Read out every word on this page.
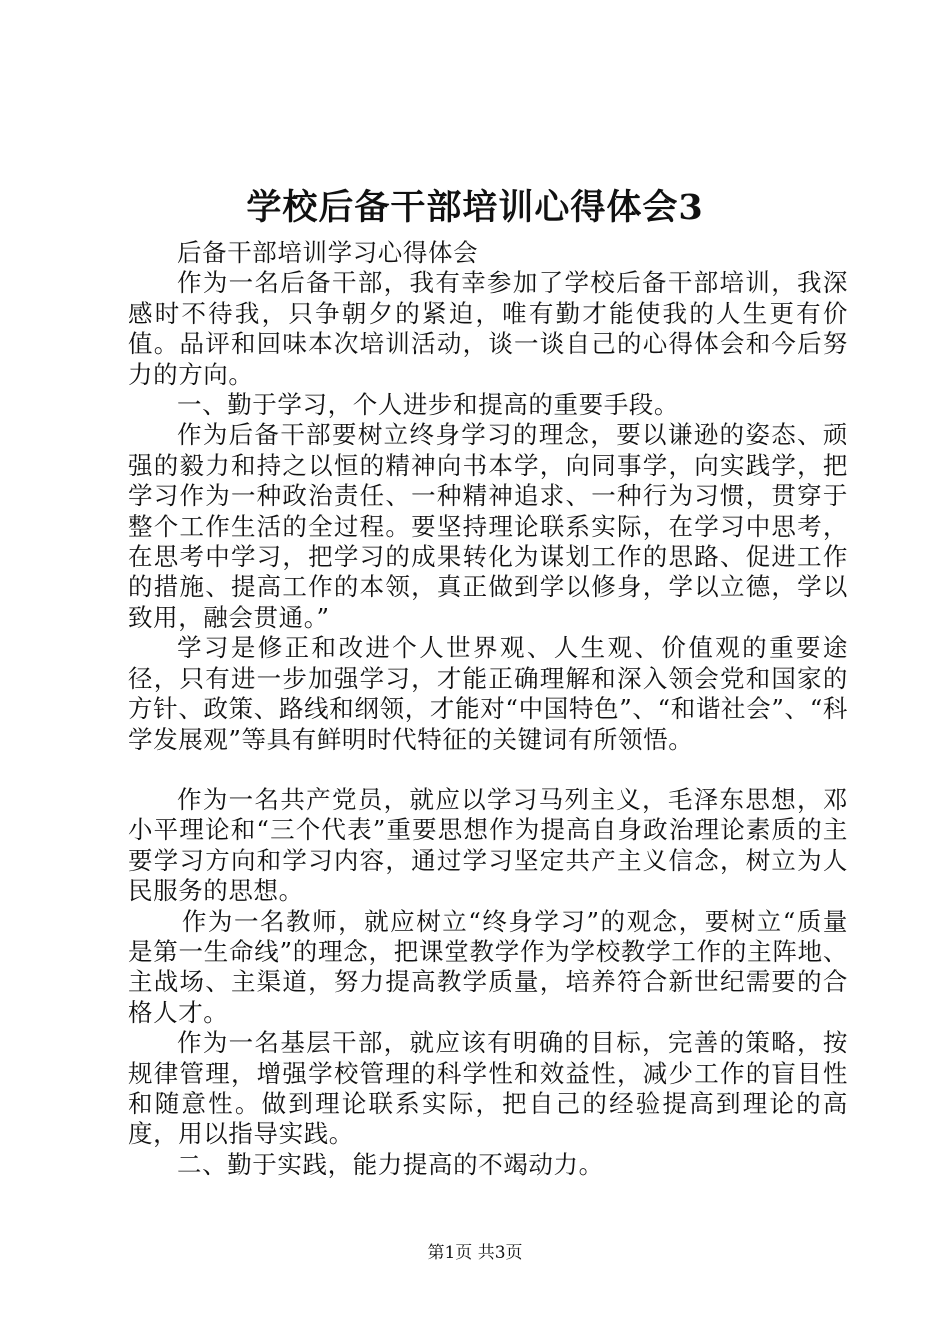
学校后备干部培训心得体会3

后备干部培训学习心得体会

作为一名后备干部，我有幸参加了学校后备干部培训，我深感时不待我，只争朝夕的紧迫，唯有勤才能使我的人生更有价值。品评和回味本次培训活动，谈一谈自己的心得体会和今后努力的方向。

一、勤于学习，个人进步和提高的重要手段。

作为后备干部要树立终身学习的理念，要以谦逊的姿态、顽强的毅力和持之以恒的精神向书本学，向同事学，向实践学，把学习作为一种政治责任、一种精神追求、一种行为习惯，贯穿于整个工作生活的全过程。要坚持理论联系实际，在学习中思考，在思考中学习，把学习的成果转化为谋划工作的思路、促进工作的措施、提高工作的本领，真正做到学以修身，学以立德，学以致用，融会贯通。”

学习是修正和改进个人世界观、人生观、价值观的重要途径，只有进一步加强学习，才能正确理解和深入领会党和国家的方针、政策、路线和纲领，才能对“中国特色”、“和谐社会”、“科学发展观”等具有鲜明时代特征的关键词有所领悟。

作为一名共产党员，就应以学习马列主义，毛泽东思想，邓小平理论和“三个代表”重要思想作为提高自身政治理论素质的主要学习方向和学习内容，通过学习坚定共产主义信念，树立为人民服务的思想。

作为一名教师，就应树立“终身学习”的观念，要树立“质量是第一生命线”的理念，把课堂教学作为学校教学工作的主阵地、主战场、主渠道，努力提高教学质量，培养符合新世纪需要的合格人才。

作为一名基层干部，就应该有明确的目标，完善的策略，按规律管理，增强学校管理的科学性和效益性，减少工作的盲目性和随意性。做到理论联系实际，把自己的经验提高到理论的高度，用以指导实践。

二、勤于实践，能力提高的不竭动力。

第1页 共3页
